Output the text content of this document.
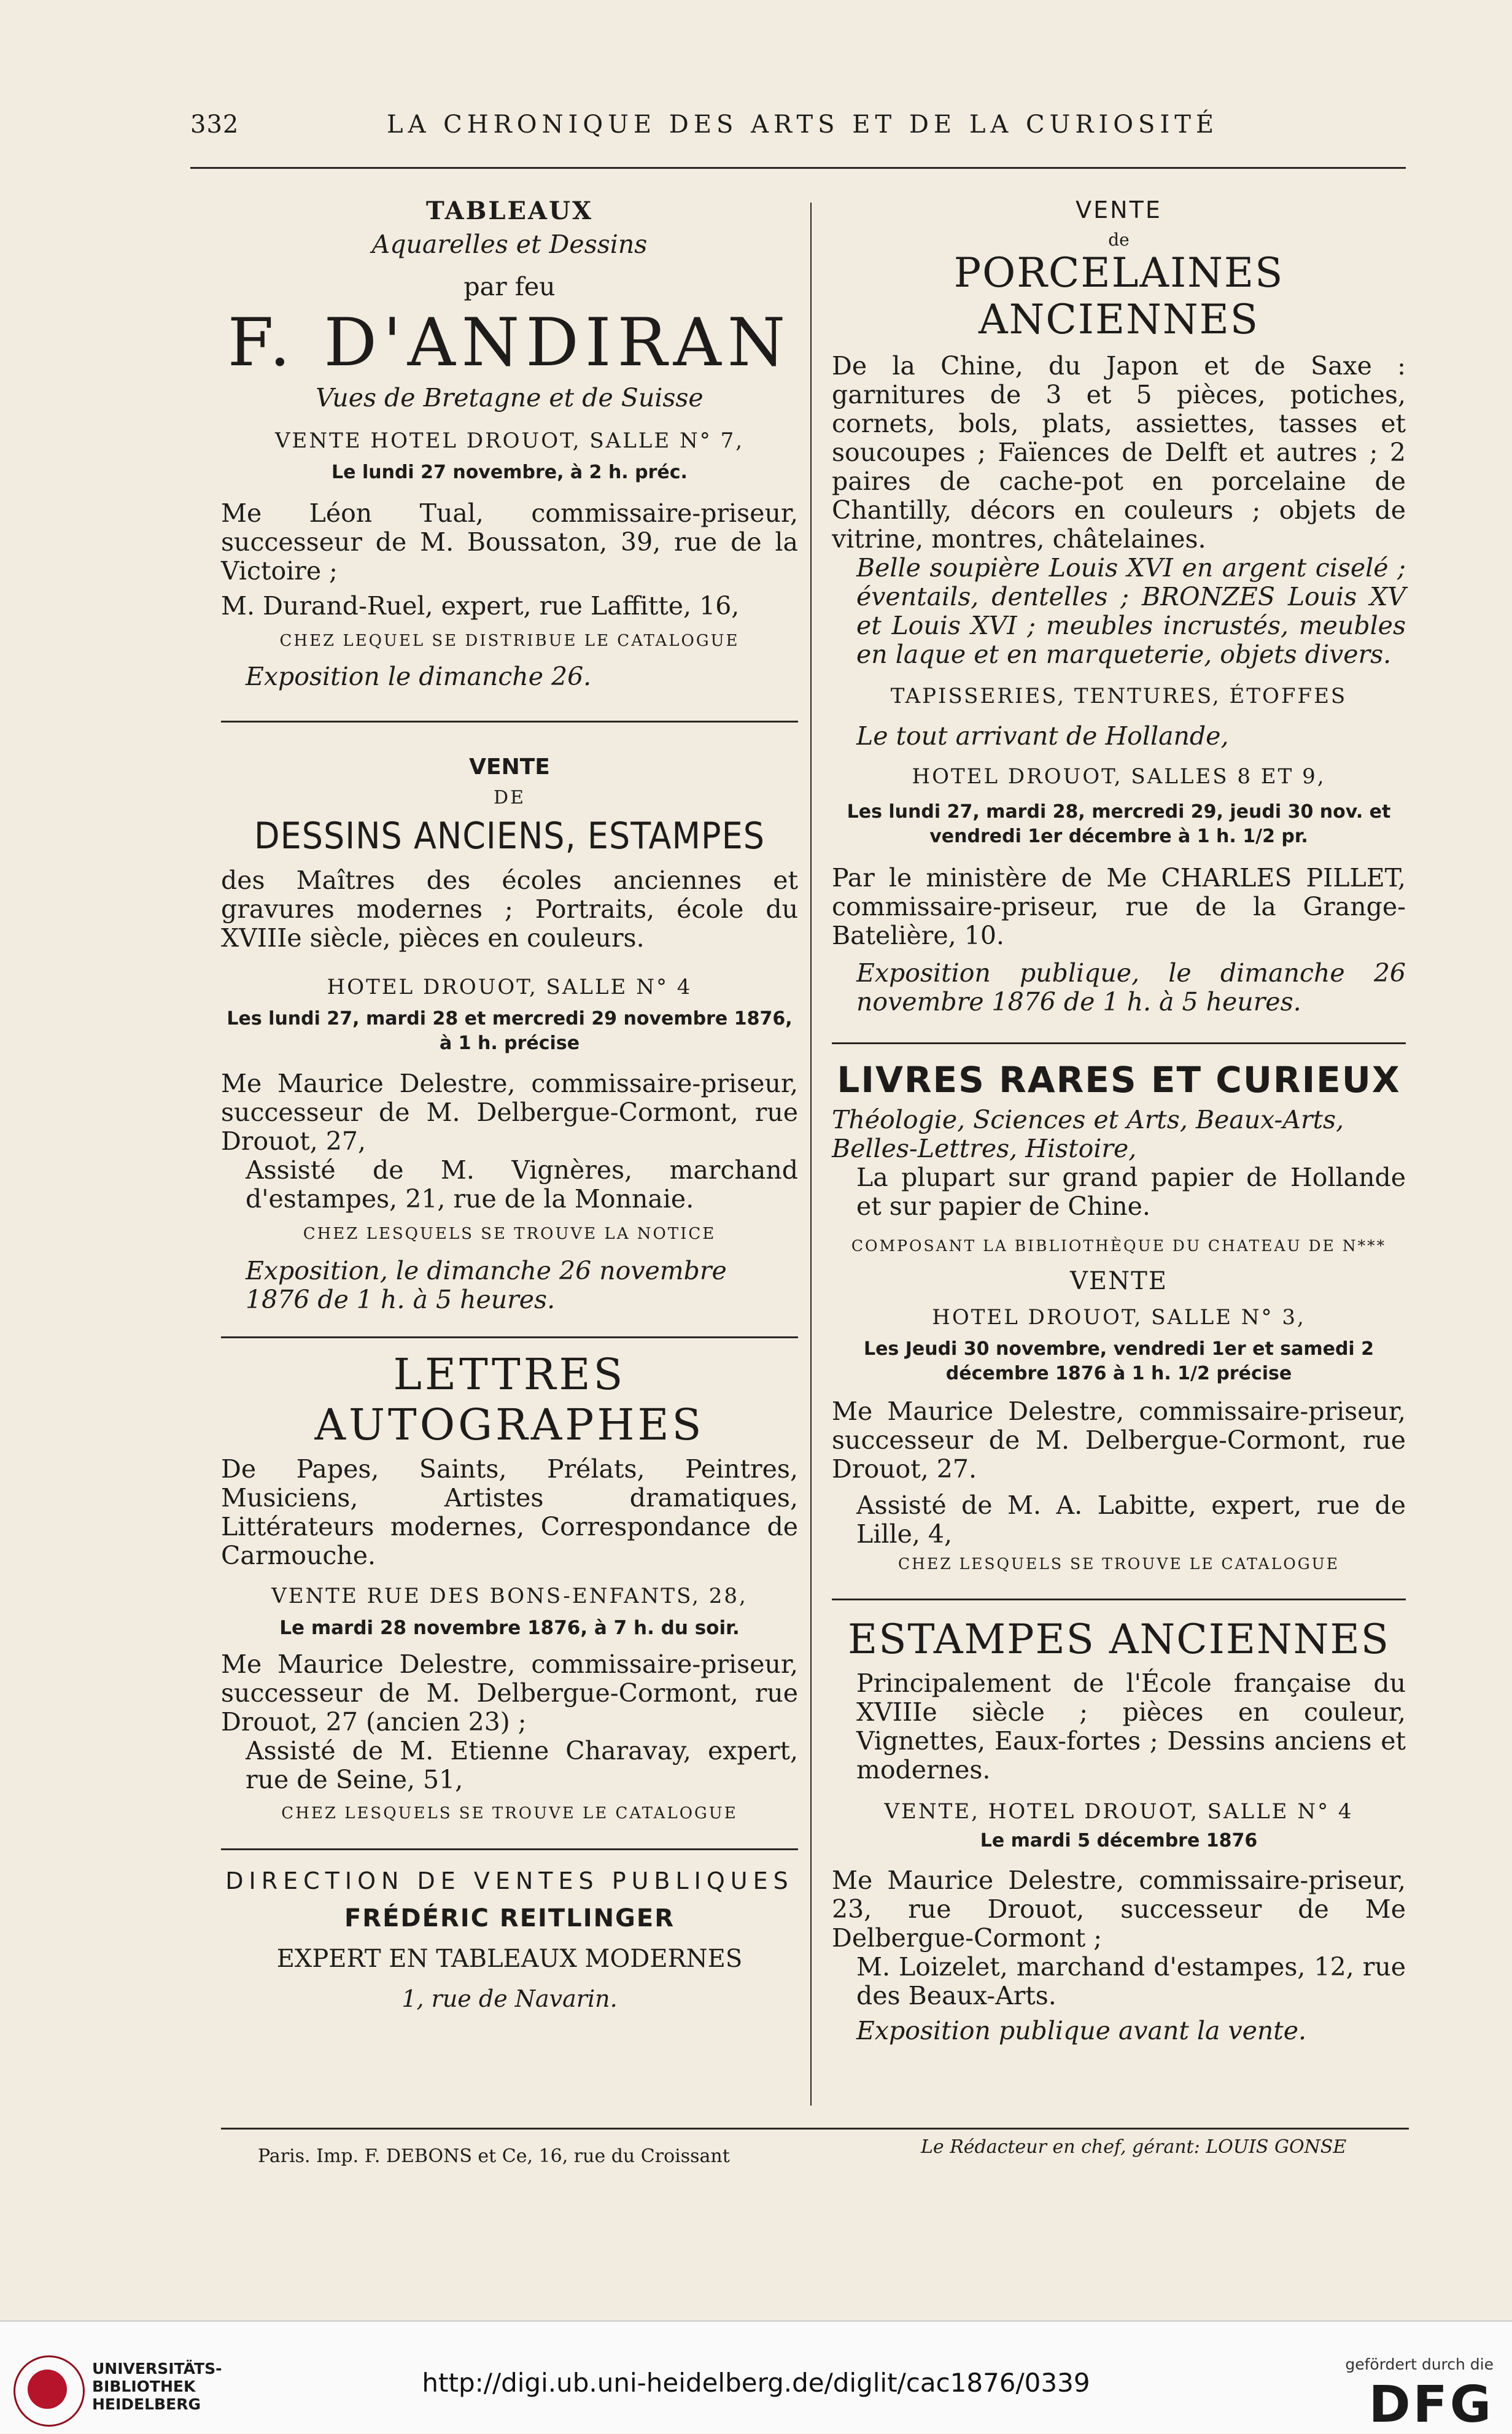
332	LA CHRONIQUE DES ARTS ET DE LA CURIOSITÉ
TABLEAUX
Aquarelles et Dessins
par feu
F. D'ANDIRAN
Vues de Bretagne et de Suisse
VENTE HOTEL DROUOT, SALLE N° 7,
Le lundi 27 novembre, à 2 h. préc.
Me Léon Tual, commissaire-priseur, successeur de M. Boussaton, 39, rue de la Victoire ;
M. Durand-Ruel, expert, rue Laffitte, 16,
CHEZ LEQUEL SE DISTRIBUE LE CATALOGUE
Exposition le dimanche 26.
VENTE
DE
DESSINS ANCIENS, ESTAMPES
des Maîtres des écoles anciennes et gravures modernes ; Portraits, école du XVIIIe siècle, pièces en couleurs.
HOTEL DROUOT, SALLE N° 4
Les lundi 27, mardi 28 et mercredi 29 novembre 1876, à 1 h. précise
Me Maurice Delestre, commissaire-priseur, successeur de M. Delbergue-Cormont, rue Drouot, 27,
Assisté de M. Vignères, marchand d'estampes, 21, rue de la Monnaie.
CHEZ LESQUELS SE TROUVE LA NOTICE
Exposition, le dimanche 26 novembre 1876 de 1 h. à 5 heures.
LETTRES AUTOGRAPHES
De Papes, Saints, Prélats, Peintres, Musiciens, Artistes dramatiques, Littérateurs modernes, Correspondance de Carmouche.
VENTE RUE DES BONS-ENFANTS, 28,
Le mardi 28 novembre 1876, à 7 h. du soir.
Me Maurice Delestre, commissaire-priseur, successeur de M. Delbergue-Cormont, rue Drouot, 27 (ancien 23) ;
Assisté de M. Etienne Charavay, expert, rue de Seine, 51,
CHEZ LESQUELS SE TROUVE LE CATALOGUE
DIRECTION DE VENTES PUBLIQUES
FRÉDÉRIC REITLINGER
EXPERT EN TABLEAUX MODERNES
1, rue de Navarin.
VENTE
de
PORCELAINES ANCIENNES
De la Chine, du Japon et de Saxe : garnitures de 3 et 5 pièces, potiches, cornets, bols, plats, assiettes, tasses et soucoupes ; Faïences de Delft et autres ; 2 paires de cache-pot en porcelaine de Chantilly, décors en couleurs ; objets de vitrine, montres, châtelaines.
Belle soupière Louis XVI en argent ciselé ; éventails, dentelles ; BRONZES Louis XV et Louis XVI ; meubles incrustés, meubles en laque et en marqueterie, objets divers.
TAPISSERIES, TENTURES, ÉTOFFES
Le tout arrivant de Hollande,
HOTEL DROUOT, SALLES 8 ET 9,
Les lundi 27, mardi 28, mercredi 29, jeudi 30 nov. et vendredi 1er décembre à 1 h. 1/2 pr.
Par le ministère de Me CHARLES PILLET, commissaire-priseur, rue de la Grange-Batelière, 10.
Exposition publique, le dimanche 26 novembre 1876 de 1 h. à 5 heures.
LIVRES RARES ET CURIEUX
Théologie, Sciences et Arts, Beaux-Arts, Belles-Lettres, Histoire,
La plupart sur grand papier de Hollande et sur papier de Chine.
COMPOSANT LA BIBLIOTHÈQUE DU CHATEAU DE N***
VENTE
HOTEL DROUOT, SALLE N° 3,
Les Jeudi 30 novembre, vendredi 1er et samedi 2 décembre 1876 à 1 h. 1/2 précise
Me Maurice Delestre, commissaire-priseur, successeur de M. Delbergue-Cormont, rue Drouot, 27.
Assisté de M. A. Labitte, expert, rue de Lille, 4,
CHEZ LESQUELS SE TROUVE LE CATALOGUE
ESTAMPES ANCIENNES
Principalement de l'École française du XVIIIe siècle ; pièces en couleur, Vignettes, Eaux-fortes ; Dessins anciens et modernes.
VENTE, HOTEL DROUOT, SALLE N° 4
Le mardi 5 décembre 1876
Me Maurice Delestre, commissaire-priseur, 23, rue Drouot, successeur de Me Delbergue-Cormont ;
M. Loizelet, marchand d'estampes, 12, rue des Beaux-Arts.
Exposition publique avant la vente.
Paris. Imp. F. DEBONS et Ce, 16, rue du Croissant	Le Rédacteur en chef, gérant: LOUIS GONSE
UNIVERSITÄTS-
BIBLIOTHEK
HEIDELBERG
http://digi.ub.uni-heidelberg.de/diglit/cac1876/0339
gefördert durch die
DFG
